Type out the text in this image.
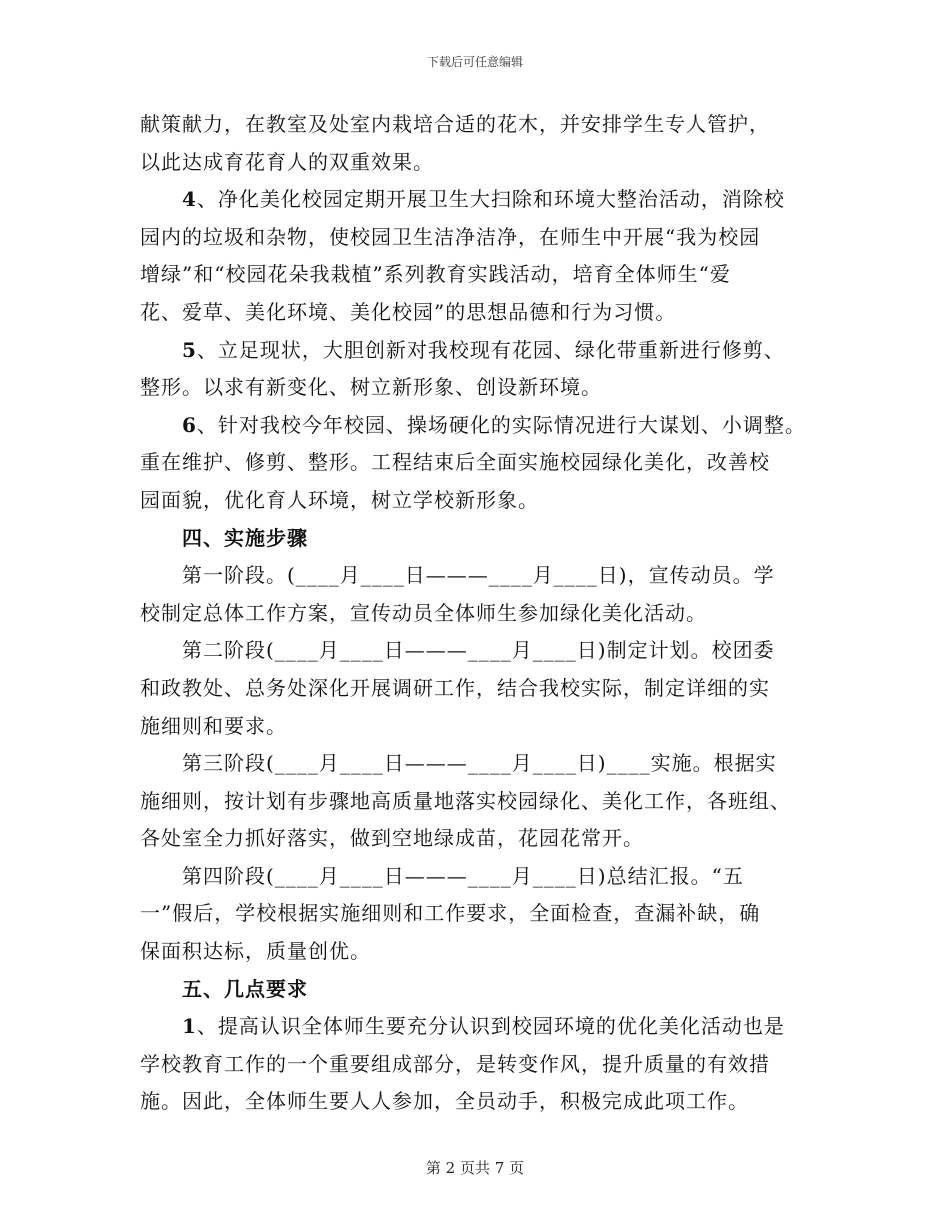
下载后可任意编辑
献策献力，在教室及处室内栽培合适的花木，并安排学生专人管护，
以此达成育花育人的双重效果。
4、净化美化校园定期开展卫生大扫除和环境大整治活动，消除校
园内的垃圾和杂物，使校园卫生洁净洁净，在师生中开展“我为校园
增绿”和“校园花朵我栽植”系列教育实践活动，培育全体师生“爱
花、爱草、美化环境、美化校园”的思想品德和行为习惯。
5、立足现状，大胆创新对我校现有花园、绿化带重新进行修剪、
整形。以求有新变化、树立新形象、创设新环境。
6、针对我校今年校园、操场硬化的实际情况进行大谋划、小调整。
重在维护、修剪、整形。工程结束后全面实施校园绿化美化，改善校
园面貌，优化育人环境，树立学校新形象。
四、实施步骤
第一阶段。(____月____日———____月____日)，宣传动员。学
校制定总体工作方案，宣传动员全体师生参加绿化美化活动。
第二阶段(____月____日———____月____日)制定计划。校团委
和政教处、总务处深化开展调研工作，结合我校实际，制定详细的实
施细则和要求。
第三阶段(____月____日———____月____日)____实施。根据实
施细则，按计划有步骤地高质量地落实校园绿化、美化工作，各班组、
各处室全力抓好落实，做到空地绿成苗，花园花常开。
第四阶段(____月____日———____月____日)总结汇报。“五
一”假后，学校根据实施细则和工作要求，全面检查，查漏补缺，确
保面积达标，质量创优。
五、几点要求
1、提高认识全体师生要充分认识到校园环境的优化美化活动也是
学校教育工作的一个重要组成部分，是转变作风，提升质量的有效措
施。因此，全体师生要人人参加，全员动手，积极完成此项工作。
第 2 页共 7 页
